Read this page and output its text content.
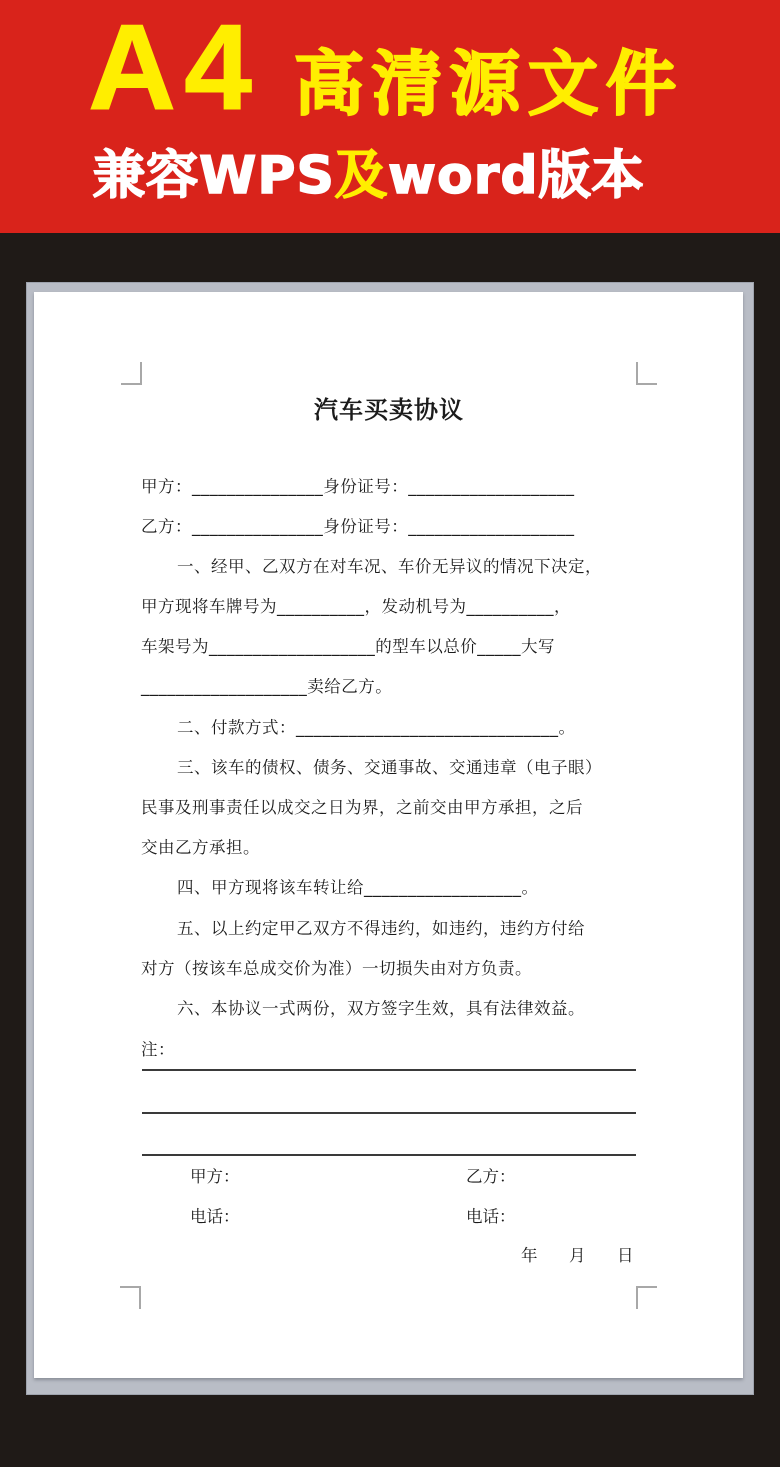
A4 高清源文件
兼容WPS及word版本
汽车买卖协议
甲方：_______________身份证号：___________________
乙方：_______________身份证号：___________________
一、经甲、乙双方在对车况、车价无异议的情况下决定，
甲方现将车牌号为__________，发动机号为__________，
车架号为___________________的型车以总价_____大写
___________________卖给乙方。
二、付款方式：______________________________。
三、该车的债权、债务、交通事故、交通违章（电子眼）
民事及刑事责任以成交之日为界，之前交由甲方承担，之后
交由乙方承担。
四、甲方现将该车转让给__________________。
五、以上约定甲乙双方不得违约，如违约，违约方付给
对方（按该车总成交价为准）一切损失由对方负责。
六、本协议一式两份，双方签字生效，具有法律效益。
注：
甲方：	乙方：
电话：	电话：
年 月 日
